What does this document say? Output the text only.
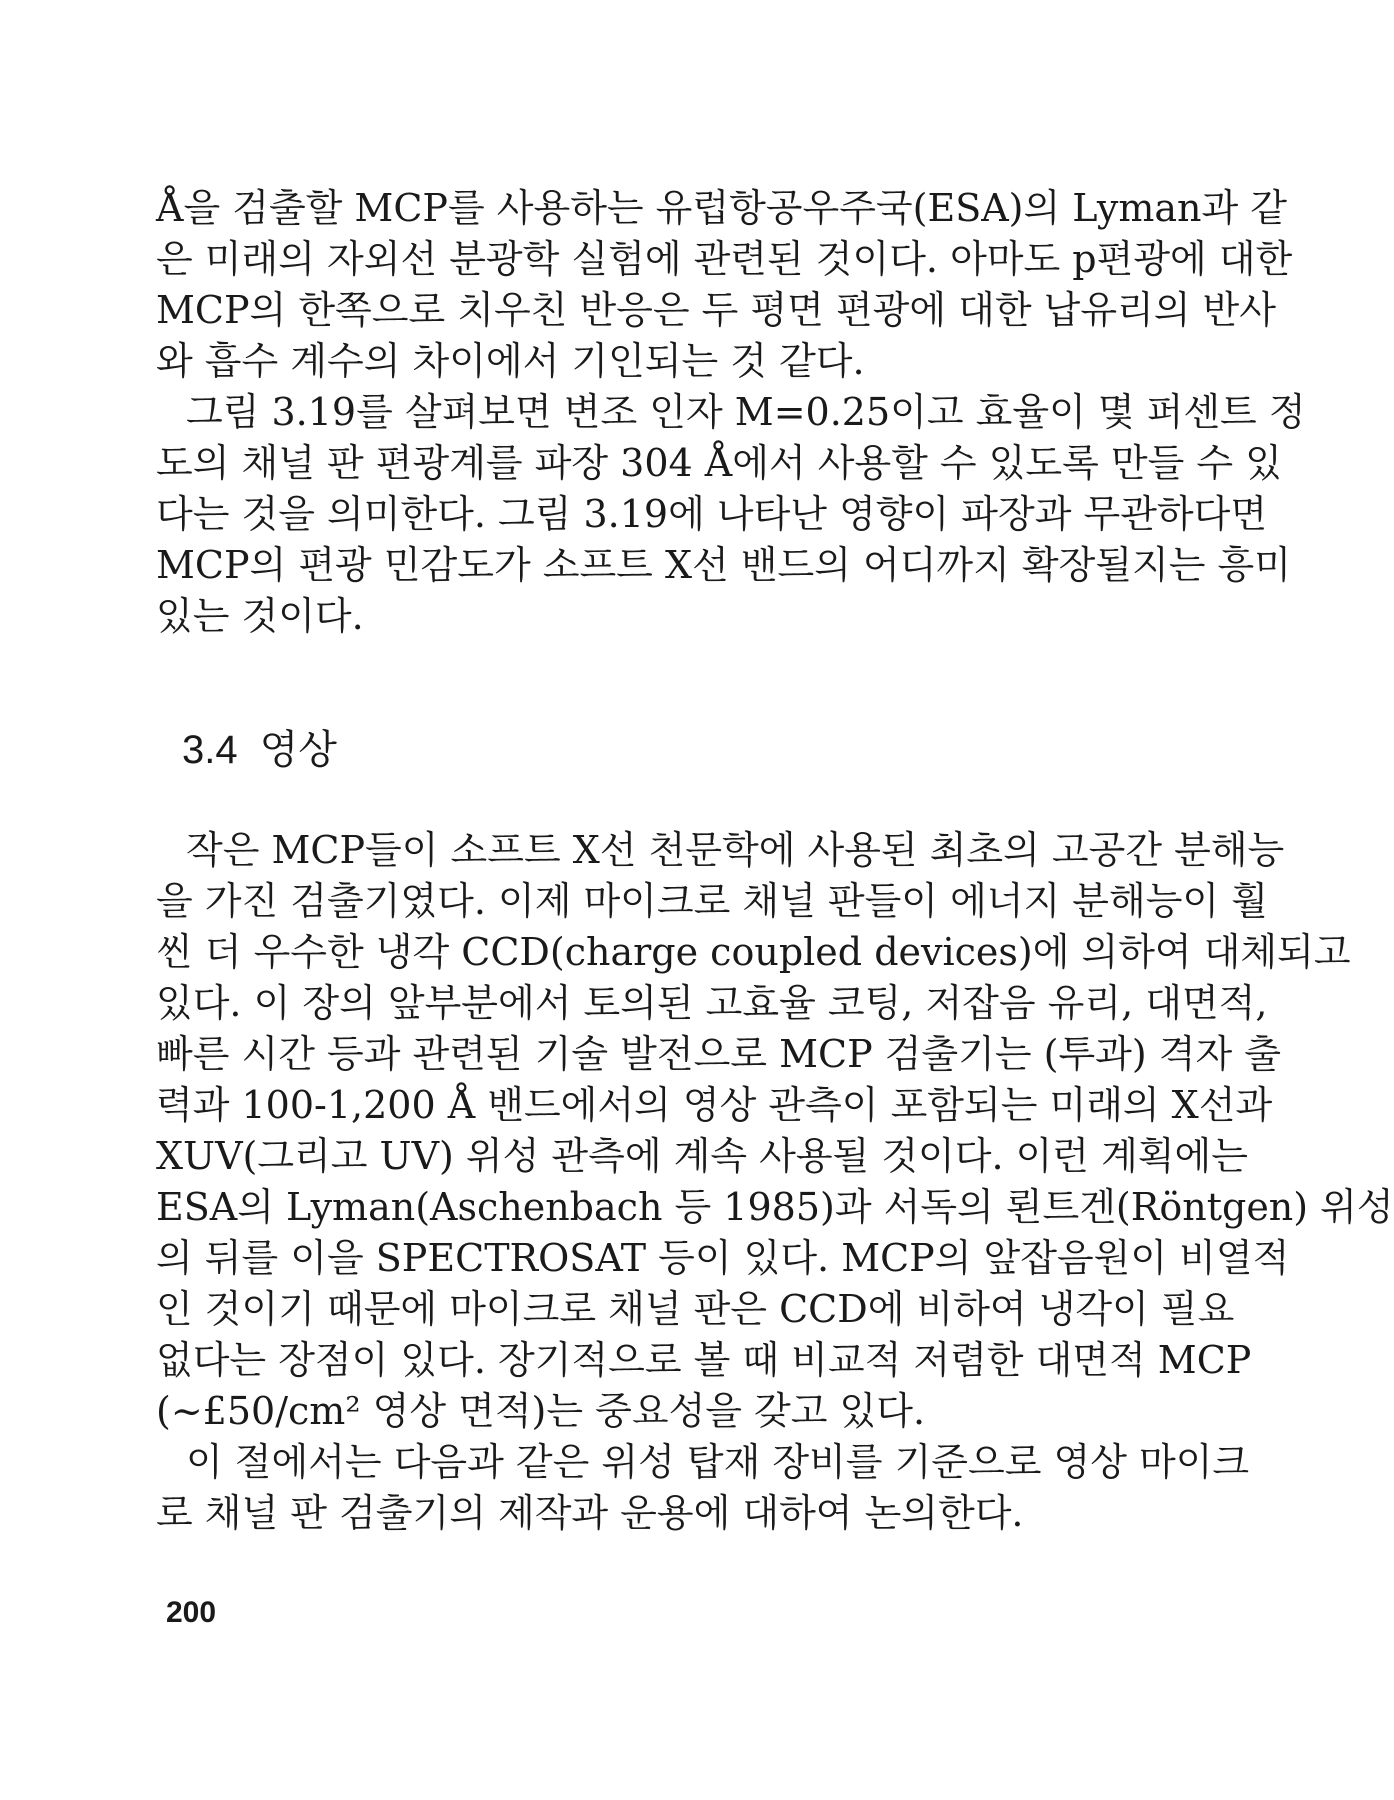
Å을 검출할 MCP를 사용하는 유럽항공우주국(ESA)의 Lyman과 같
은 미래의 자외선 분광학 실험에 관련된 것이다. 아마도 p편광에 대한
MCP의 한쪽으로 치우친 반응은 두 평면 편광에 대한 납유리의 반사
와 흡수 계수의 차이에서 기인되는 것 같다.
그림 3.19를 살펴보면 변조 인자 M=0.25이고 효율이 몇 퍼센트 정
도의 채널 판 편광계를 파장 304 Å에서 사용할 수 있도록 만들 수 있
다는 것을 의미한다. 그림 3.19에 나타난 영향이 파장과 무관하다면
MCP의 편광 민감도가 소프트 X선 밴드의 어디까지 확장될지는 흥미
있는 것이다.
3.4 영상
작은 MCP들이 소프트 X선 천문학에 사용된 최초의 고공간 분해능
을 가진 검출기였다. 이제 마이크로 채널 판들이 에너지 분해능이 훨
씬 더 우수한 냉각 CCD(charge coupled devices)에 의하여 대체되고
있다. 이 장의 앞부분에서 토의된 고효율 코팅, 저잡음 유리, 대면적,
빠른 시간 등과 관련된 기술 발전으로 MCP 검출기는 (투과) 격자 출
력과 100-1,200 Å 밴드에서의 영상 관측이 포함되는 미래의 X선과
XUV(그리고 UV) 위성 관측에 계속 사용될 것이다. 이런 계획에는
ESA의 Lyman(Aschenbach 등 1985)과 서독의 뢴트겐(Röntgen) 위성
의 뒤를 이을 SPECTROSAT 등이 있다. MCP의 앞잡음원이 비열적
인 것이기 때문에 마이크로 채널 판은 CCD에 비하여 냉각이 필요
없다는 장점이 있다. 장기적으로 볼 때 비교적 저렴한 대면적 MCP
(~£50/cm² 영상 면적)는 중요성을 갖고 있다.
이 절에서는 다음과 같은 위성 탑재 장비를 기준으로 영상 마이크
로 채널 판 검출기의 제작과 운용에 대하여 논의한다.
200
